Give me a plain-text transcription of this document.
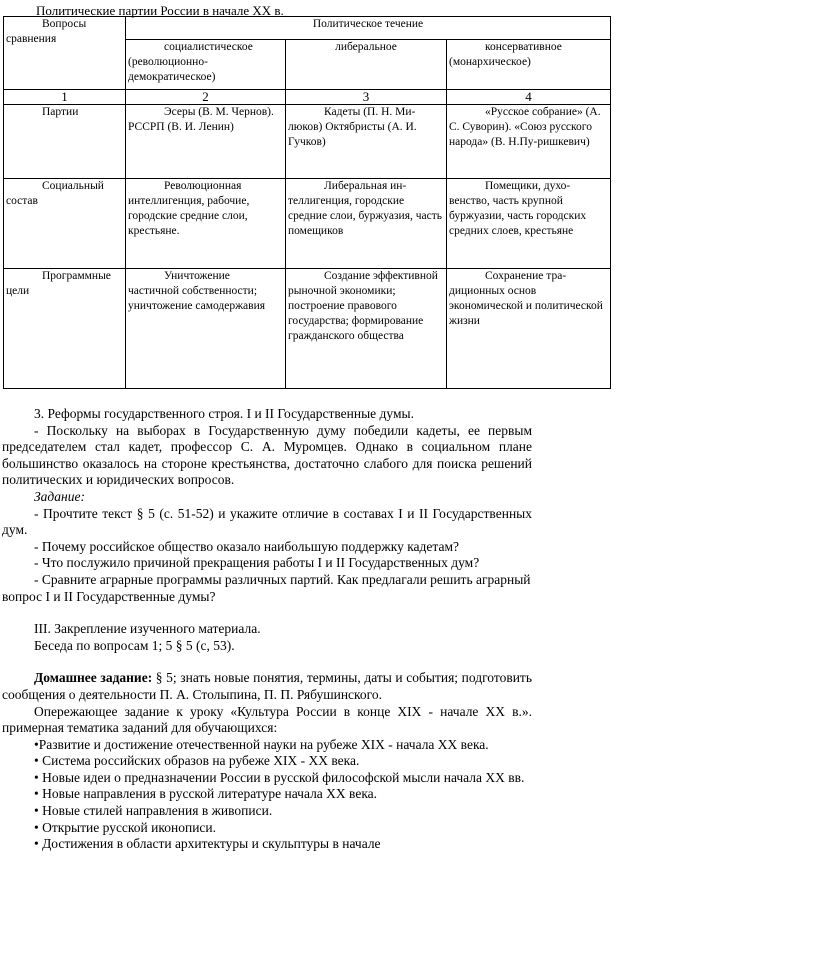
Политические партии России в начале XX в.
Вопросы сравнения	Политическое течение		
	социалистическое (революционно-демократическое)	либеральное	консервативное (монархическое)
1	2	3	4
Партии	Эсеры (В. М. Чернов). РССРП (В. И. Ленин)	Кадеты (П. Н. Ми-люков) Октябристы (А. И. Гучков)	«Русское собрание» (А. С. Суворин). «Союз русского народа» (В. Н.Пу-ришкевич)
Социальный состав	Революционная интеллигенция, рабочие, городские средние слои, крестьяне.	Либеральная ин-теллигенция, городские средние слои, буржуазия, часть помещиков	Помещики, духо-венство, часть крупной буржуазии, часть городских средних слоев, крестьяне
Программные цели	Уничтожение частичной собственности; уничтожение самодержавия	Создание эффективной рыночной экономики; построение правового государства; формирование гражданского общества	Сохранение тра-диционных основ экономической и политической жизни

3. Реформы государственного строя. I и II Государственные думы.

- Поскольку на выборах в Государственную думу победили кадеты, ее первым председателем стал кадет, профессор С. А. Муромцев. Однако в социальном плане большинство оказалось на стороне крестьянства, достаточно слабого для поиска решений политических и юридических вопросов.

Задание:

- Прочтите текст § 5 (с. 51-52) и укажите отличие в составах I и II Государственных дум.

- Почему российское общество оказало наибольшую поддержку кадетам?

- Что послужило причиной прекращения работы I и II Государственных дум?

- Сравните аграрные программы различных партий. Как предлагали решить аграрный вопрос I и II Государственные думы?

III. Закрепление изученного материала.

Беседа по вопросам 1; 5 § 5 (с, 53).

Домашнее задание: § 5; знать новые понятия, термины, даты и события; подготовить сообщения о деятельности П. А. Столыпина, П. П. Рябушинского.

Опережающее задание к уроку «Культура России в конце XIX - начале XX в.». примерная тематика заданий для обучающихся:

•Развитие и достижение отечественной науки на рубеже XIX - начала XX века.
• Система российских образов на рубеже XIX - XX века.
• Новые идеи о предназначении России в русской философской мысли начала XX вв.
• Новые направления в русской литературе начала XX века.
• Новые стилей направления в живописи.
• Открытие русской иконописи.
• Достижения в области архитектуры и скульптуры в начале
